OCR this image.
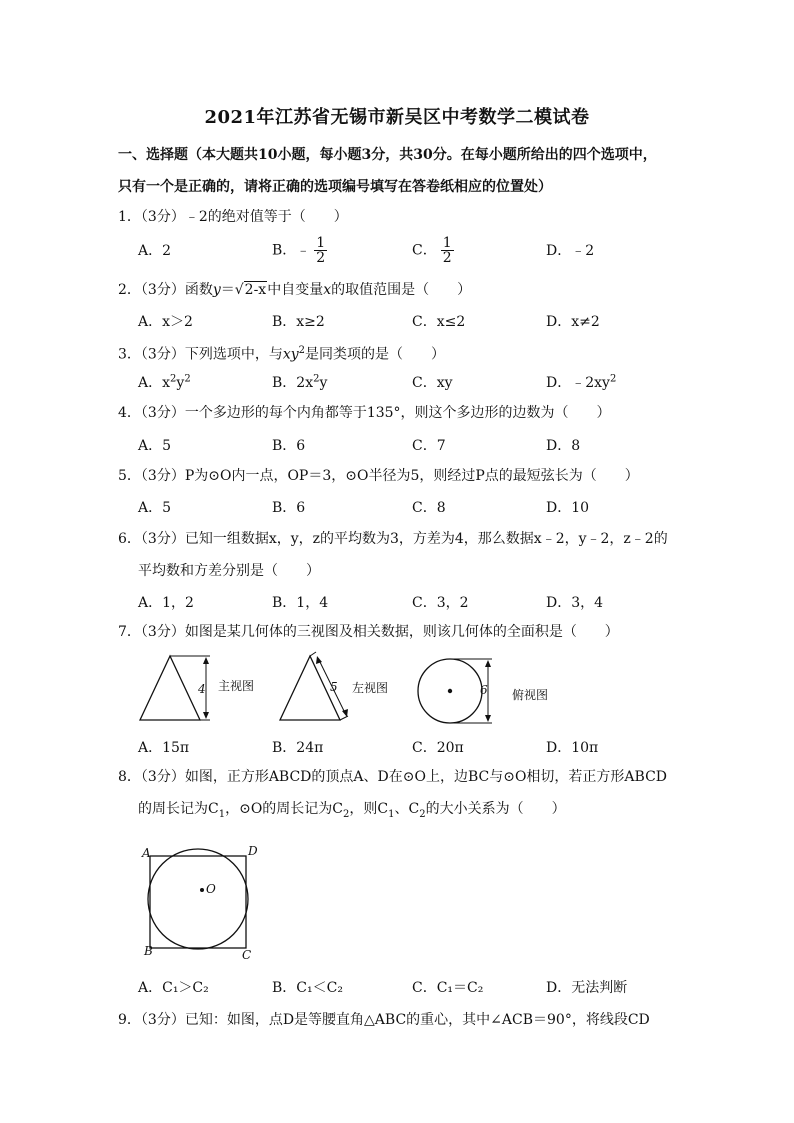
2021年江苏省无锡市新吴区中考数学二模试卷
一、选择题（本大题共10小题，每小题3分，共30分。在每小题所给出的四个选项中，
只有一个是正确的，请将正确的选项编号填写在答卷纸相应的位置处）
1．（3分）﹣2的绝对值等于（　　）
A．2	B．﹣ $\frac{1}{2}$	C． $\frac{1}{2}$	D．﹣2
2．（3分）函数y＝√2-x中自变量x的取值范围是（　　）
A．x＞2	B．x≥2	C．x≤2	D．x≠2
3．（3分）下列选项中，与$xy^2$是同类项的是（　　）
A．$x^2y^2$	B．$2x^2y$	C．xy	D．$﹣2xy^2$
4．（3分）一个多边形的每个内角都等于135°，则这个多边形的边数为（　　）
A．5	B．6	C．7	D．8
5．（3分）P为⊙O内一点，OP＝3，⊙O半径为5，则经过P点的最短弦长为（　　）
A．5	B．6	C．8	D．10
6．（3分）已知一组数据x，y，z的平均数为3，方差为4，那么数据x﹣2，y﹣2，z﹣2的
平均数和方差分别是（　　）
A．1，2	B．1，4	C．3，2	D．3，4
7．（3分）如图是某几何体的三视图及相关数据，则该几何体的全面积是（　　）
4 主视图	5 左视图	6 俯视图
A．15π	B．24π	C．20π	D．10π
8．（3分）如图，正方形ABCD的顶点A、D在⊙O上，边BC与⊙O相切，若正方形ABCD
的周长记为$C_1$，⊙O的周长记为$C_2$，则$C_1$、$C_2$的大小关系为（　　）
A	D
O
B	C
A．C₁＞C₂	B．C₁＜C₂	C．C₁＝C₂	D．无法判断
9．（3分）已知：如图，点D是等腰直角△ABC的重心，其中∠ACB＝90°，将线段CD
